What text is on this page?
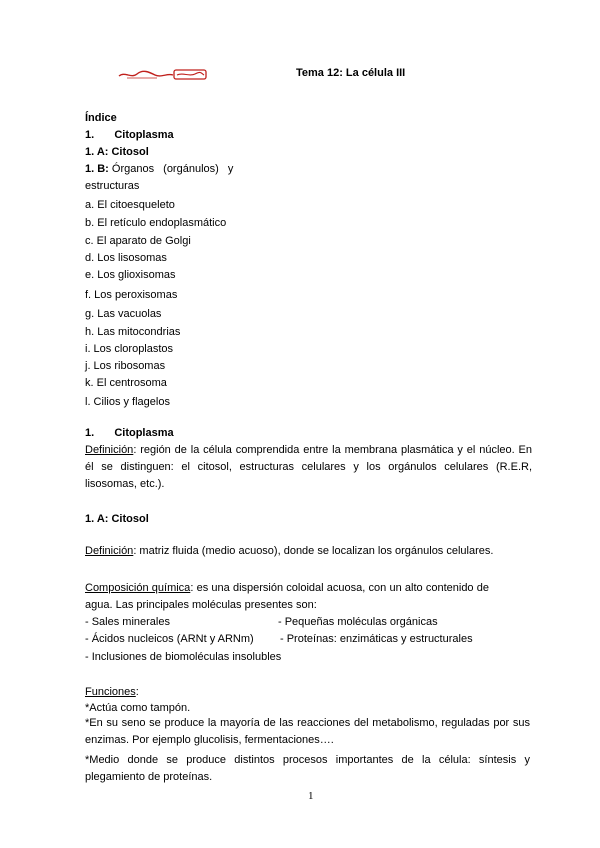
Tema 12: La célula III
Índice
1. Citoplasma
1. A: Citosol
1. B: Órganos (orgánulos) y
estructuras
a. El citoesqueleto
b. El retículo endoplasmático
c. El aparato de Golgi
d. Los lisosomas
e. Los glioxisomas
f. Los peroxisomas
g. Las vacuolas
h. Las mitocondrias
i. Los cloroplastos
j. Los ribosomas
k. El centrosoma
l. Cilios y flagelos
1. Citoplasma
Definición: región de la célula comprendida entre la membrana plasmática y el núcleo. En él se distinguen: el citosol, estructuras celulares y los orgánulos celulares (R.E.R, lisosomas, etc.).
1. A: Citosol
Definición: matriz fluida (medio acuoso), donde se localizan los orgánulos celulares.
Composición química: es una dispersión coloidal acuosa, con un alto contenido de agua. Las principales moléculas presentes son:
- Sales minerales	- Pequeñas moléculas orgánicas
- Ácidos nucleicos (ARNt y ARNm) - Proteínas: enzimáticas y estructurales
- Inclusiones de biomoléculas insolubles
Funciones:
*Actúa como tampón.
*En su seno se produce la mayoría de las reacciones del metabolismo, reguladas por sus enzimas. Por ejemplo glucolisis, fermentaciones….
*Medio donde se produce distintos procesos importantes de la célula: síntesis y plegamiento de proteínas.
1
